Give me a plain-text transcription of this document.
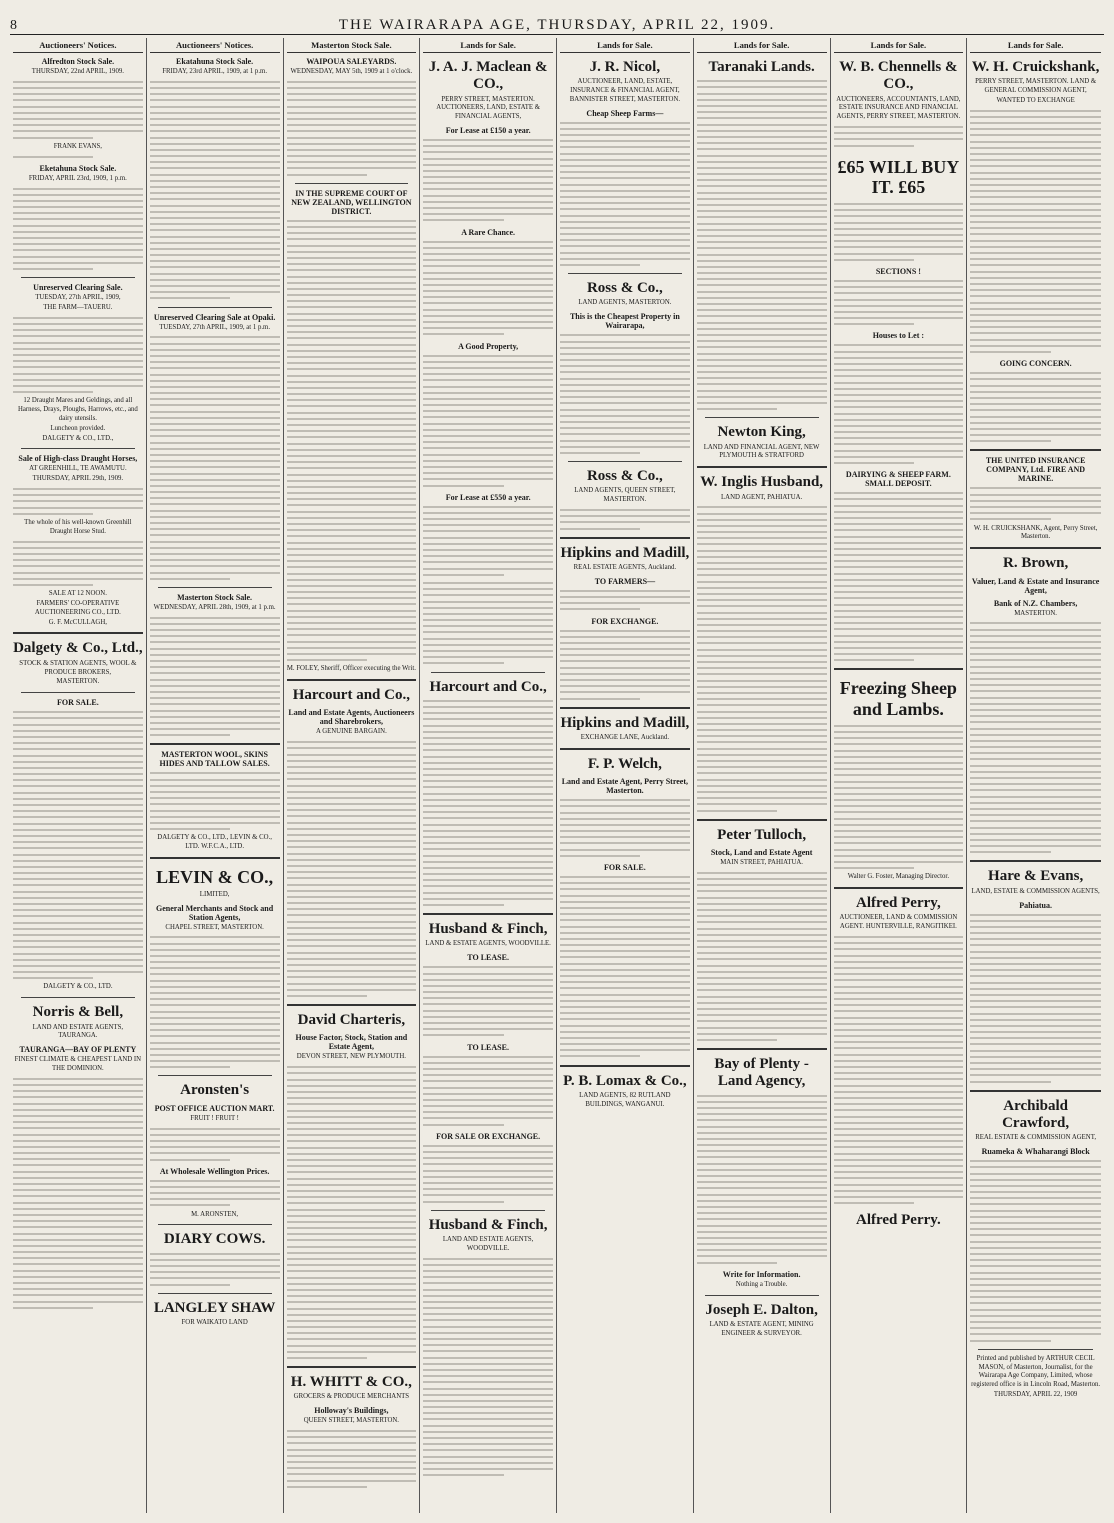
8	THE WAIRARAPA AGE, THURSDAY, APRIL 22, 1909.
Auctioneers' Notices.
Alfredton Stock Sale.
THURSDAY, 22nd APRIL, 1909.
FRANK EVANS,
Eketahuna Stock Sale.
FRIDAY, APRIL 23rd, 1909, 1 p.m.
Unreserved Clearing Sale.
TUESDAY, 27th APRIL, 1909,
THE FARM—TAUERU.
12 Draught Mares and Geldings, and all Harness, Drays, Ploughs, Harrows, etc., and dairy utensils.
Luncheon provided.
DALGETY & CO., LTD.,
Sale of High-class Draught Horses,
AT GREENHILL, TE AWAMUTU.
THURSDAY, APRIL 29th, 1909.
The whole of his well-known Greenhill Draught Horse Stud.
SALE AT 12 NOON.
FARMERS' CO-OPERATIVE AUCTIONEERING CO., LTD.
G. F. McCULLAGH,
Dalgety & Co., Ltd.,
STOCK & STATION AGENTS, WOOL & PRODUCE BROKERS,
MASTERTON.
FOR SALE.
DALGETY & CO., LTD.
Norris & Bell,
LAND AND ESTATE AGENTS, TAURANGA.
TAURANGA—BAY OF PLENTY
FINEST CLIMATE & CHEAPEST LAND IN THE DOMINION.
Auctioneers' Notices.
Ekatahuna Stock Sale.
FRIDAY, 23rd APRIL, 1909, at 1 p.m.
Unreserved Clearing Sale at Opaki.
TUESDAY, 27th APRIL, 1909, at 1 p.m.
Masterton Stock Sale.
WEDNESDAY, APRIL 28th, 1909, at 1 p.m.
MASTERTON WOOL, SKINS HIDES AND TALLOW SALES.
DALGETY & CO., LTD., LEVIN & CO., LTD. W.F.C.A., LTD.
LEVIN & CO.,
LIMITED,
General Merchants and Stock and Station Agents,
CHAPEL STREET, MASTERTON.
Aronsten's
POST OFFICE AUCTION MART.
FRUIT ! FRUIT !
At Wholesale Wellington Prices.
M. ARONSTEN,
DIARY COWS.
LANGLEY SHAW
FOR WAIKATO LAND
Masterton Stock Sale.
WAIPOUA SALEYARDS.
WEDNESDAY, MAY 5th, 1909 at 1 o'clock.
IN THE SUPREME COURT OF NEW ZEALAND, WELLINGTON DISTRICT.
M. FOLEY, Sheriff, Officer executing the Writ.
Harcourt and Co.,
Land and Estate Agents, Auctioneers and Sharebrokers,
A GENUINE BARGAIN.
David Charteris,
House Factor, Stock, Station and Estate Agent,
DEVON STREET, NEW PLYMOUTH.
H. WHITT & CO.,
GROCERS & PRODUCE MERCHANTS
Holloway's Buildings,
QUEEN STREET, MASTERTON.
Lands for Sale.
J. A. J. Maclean & CO.,
PERRY STREET, MASTERTON. AUCTIONEERS, LAND, ESTATE & FINANCIAL AGENTS,
For Lease at £150 a year.
A Rare Chance.
A Good Property,
For Lease at £550 a year.
Harcourt and Co.,
Husband & Finch,
LAND & ESTATE AGENTS, WOODVILLE.
TO LEASE.
TO LEASE.
FOR SALE OR EXCHANGE.
Husband & Finch,
LAND AND ESTATE AGENTS, WOODVILLE.
Lands for Sale.
J. R. Nicol,
AUCTIONEER, LAND, ESTATE, INSURANCE & FINANCIAL AGENT, BANNISTER STREET, MASTERTON.
Cheap Sheep Farms—
Ross & Co.,
LAND AGENTS, MASTERTON.
This is the Cheapest Property in Wairarapa,
Ross & Co.,
LAND AGENTS, QUEEN STREET, MASTERTON.
Hipkins and Madill,
REAL ESTATE AGENTS, Auckland.
TO FARMERS—
FOR EXCHANGE.
Hipkins and Madill,
EXCHANGE LANE, Auckland.
F. P. Welch,
Land and Estate Agent, Perry Street, Masterton.
FOR SALE.
P. B. Lomax & Co.,
LAND AGENTS, 82 RUTLAND BUILDINGS, WANGANUI.
Lands for Sale.
Taranaki Lands.
Newton King,
LAND AND FINANCIAL AGENT, NEW PLYMOUTH & STRATFORD
W. Inglis Husband,
LAND AGENT, PAHIATUA.
Peter Tulloch,
Stock, Land and Estate Agent
MAIN STREET, PAHIATUA.
Bay of Plenty - Land Agency,
Write for Information.
Nothing a Trouble.
Joseph E. Dalton,
LAND & ESTATE AGENT, MINING ENGINEER & SURVEYOR.
Lands for Sale.
W. B. Chennells & CO.,
AUCTIONEERS, ACCOUNTANTS, LAND, ESTATE INSURANCE AND FINANCIAL AGENTS, PERRY STREET, MASTERTON.
£65 WILL BUY IT. £65
SECTIONS !
Houses to Let :
DAIRYING & SHEEP FARM. SMALL DEPOSIT.
Freezing Sheep and Lambs.
Walter G. Foster, Managing Director.
Alfred Perry,
AUCTIONEER, LAND & COMMISSION AGENT. HUNTERVILLE, RANGITIKEI.
Alfred Perry.
Lands for Sale.
W. H. Cruickshank,
PERRY STREET, MASTERTON. LAND & GENERAL COMMISSION AGENT,
WANTED TO EXCHANGE
GOING CONCERN.
THE UNITED INSURANCE COMPANY, Ltd. FIRE AND MARINE.
W. H. CRUICKSHANK, Agent, Perry Street, Masterton.
R. Brown,
Valuer, Land & Estate and Insurance Agent,
Bank of N.Z. Chambers,
MASTERTON.
Hare & Evans,
LAND, ESTATE & COMMISSION AGENTS,
Pahiatua.
Archibald Crawford,
REAL ESTATE & COMMISSION AGENT,
Ruameka & Whaharangi Block
Printed and published by ARTHUR CECIL MASON, of Masterton, Journalist, for the Wairarapa Age Company, Limited, whose registered office is in Lincoln Road, Masterton.
THURSDAY, APRIL 22, 1909
